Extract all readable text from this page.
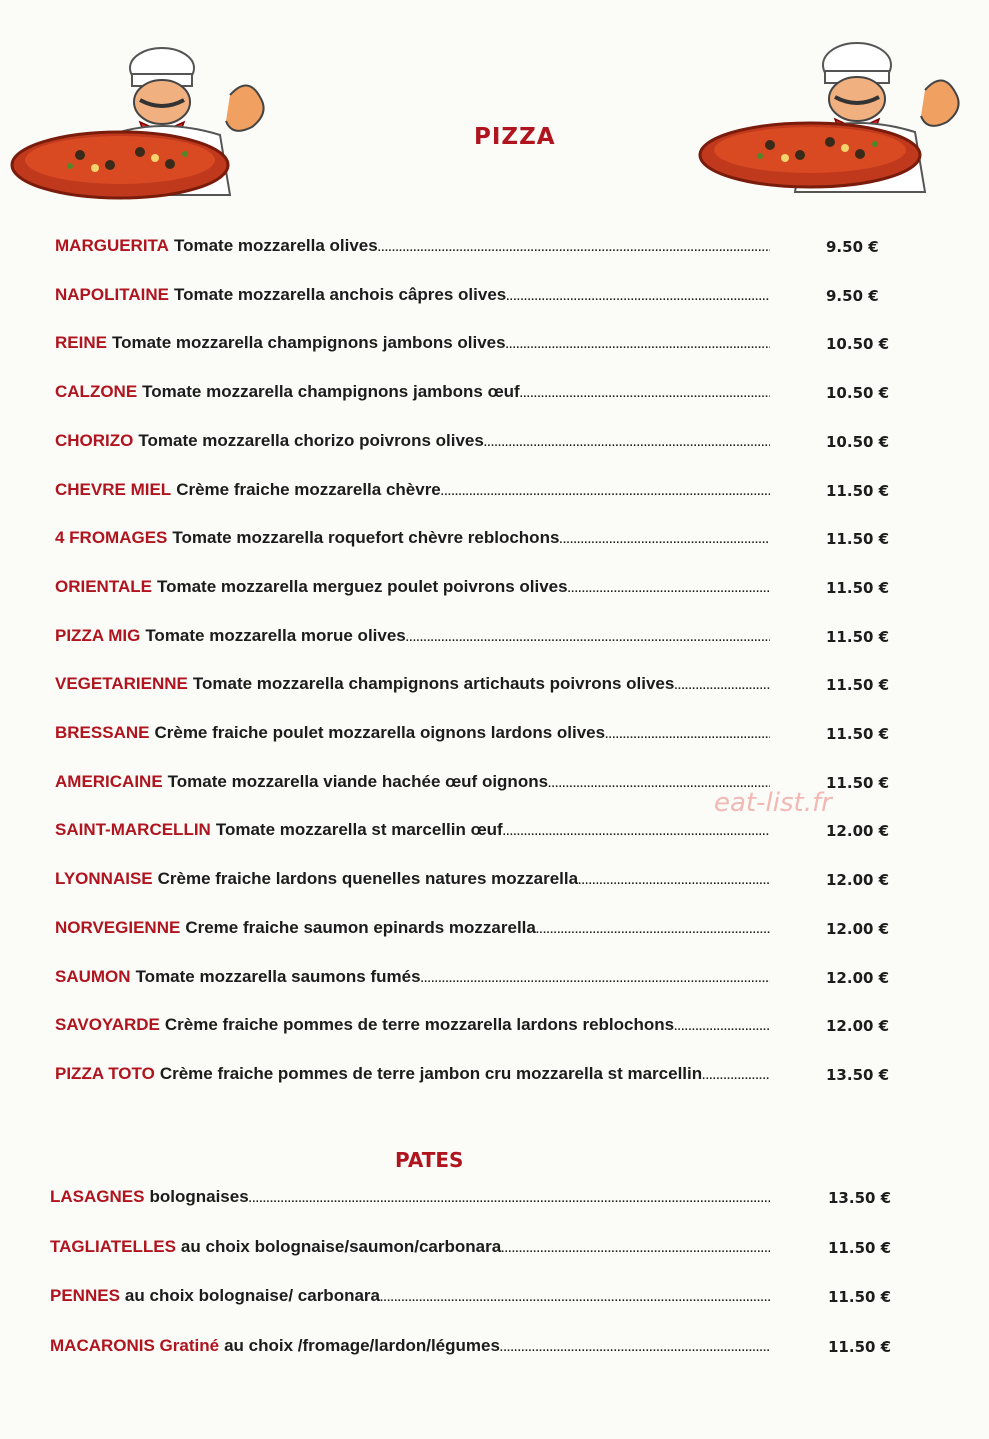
PIZZA
MARGUERITA Tomate mozzarella olives .....	9.50 €
NAPOLITAINE Tomate mozzarella anchois câpres olives .....	9.50 €
REINE Tomate mozzarella champignons jambons olives .....	10.50 €
CALZONE Tomate mozzarella champignons jambons œuf .....	10.50 €
CHORIZO Tomate mozzarella chorizo poivrons olives .....	10.50 €
CHEVRE MIEL Crème fraiche mozzarella chèvre .....	11.50 €
4 FROMAGES Tomate mozzarella roquefort chèvre reblochons .....	11.50 €
ORIENTALE Tomate mozzarella merguez poulet poivrons olives .....	11.50 €
PIZZA MIG Tomate mozzarella morue olives .....	11.50 €
VEGETARIENNE Tomate mozzarella champignons artichauts poivrons olives .....	11.50 €
BRESSANE Crème fraiche poulet mozzarella oignons lardons olives .....	11.50 €
AMERICAINE Tomate mozzarella viande hachée œuf oignons .....	11.50 €
SAINT-MARCELLIN Tomate mozzarella st marcellin œuf .....	12.00 €
LYONNAISE Crème fraiche lardons quenelles natures mozzarella .....	12.00 €
NORVEGIENNE Creme fraiche saumon epinards mozzarella .....	12.00 €
SAUMON Tomate mozzarella saumons fumés .....	12.00 €
SAVOYARDE Crème fraiche pommes de terre mozzarella lardons reblochons .....	12.00 €
PIZZA TOTO Crème fraiche pommes de terre jambon cru mozzarella st marcellin .....	13.50 €
eat-list.fr
PATES
LASAGNES bolognaises .....	13.50 €
TAGLIATELLES au choix bolognaise/saumon/carbonara .....	11.50 €
PENNES au choix bolognaise/ carbonara .....	11.50 €
MACARONIS Gratiné au choix /fromage/lardon/légumes .....	11.50 €
